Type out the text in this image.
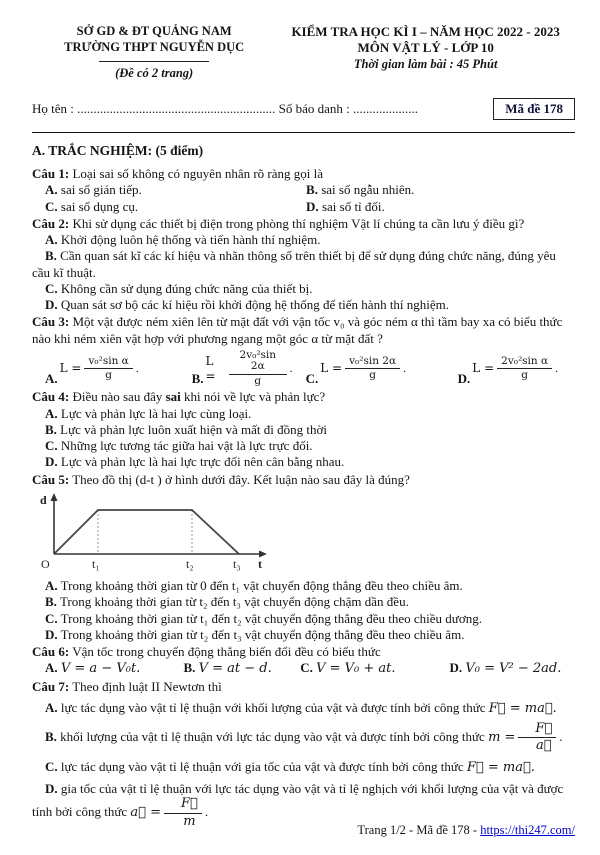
SỞ GD & ĐT QUẢNG NAM
TRƯỜNG THPT NGUYỄN DỤC
(Đề có 2 trang)
KIỂM TRA HỌC KÌ I – NĂM HỌC 2022 - 2023
MÔN VẬT LÝ - LỚP 10
Thời gian làm bài : 45 Phút
Họ tên : ............................................................. Số báo danh : ....................	Mã đề 178
A. TRẮC NGHIỆM: (5 điểm)
Câu 1: Loại sai số không có nguyên nhân rõ ràng gọi là
A. sai số gián tiếp.	B. sai số ngẫu nhiên.
C. sai số dụng cụ.	D. sai số tỉ đối.
Câu 2: Khi sử dụng các thiết bị điện trong phòng thí nghiệm Vật lí chúng ta cần lưu ý điều gì?
A. Khởi động luôn hệ thống và tiến hành thí nghiệm.
B. Cần quan sát kĩ các kí hiệu và nhãn thông số trên thiết bị để sử dụng đúng chức năng, đúng yêu cầu kĩ thuật.
C. Không cần sử dụng đúng chức năng của thiết bị.
D. Quan sát sơ bộ các kí hiệu rồi khởi động hệ thống để tiến hành thí nghiệm.
Câu 3: Một vật được ném xiên lên từ mặt đất với vận tốc v₀ và góc ném α thì tầm bay xa có biểu thức nào khi ném xiên vật hợp với phương ngang một góc α từ mặt đất ?
A.
$L = \frac{\text{v₀²sin α}}{g}$ .
B.
L =	$\frac{\text{2v₀²sin 2α}}{g}$ .
C.
$L = \frac{\text{v₀²sin 2α}}{g}$ .
D.
$L = \frac{\text{2v₀²sin α}}{g}$ .
Câu 4: Điều nào sau đây sai khi nói về lực và phản lực?
A. Lực và phản lực là hai lực cùng loại.
B. Lực và phản lực luôn xuất hiện và mất đi đồng thời
C. Những lực tương tác giữa hai vật là lực trực đối.
D. Lực và phản lực là hai lực trực đối nên cân bằng nhau.
Câu 5: Theo đồ thị (d-t ) ở hình dưới đây. Kết luận nào sau đây là đúng?
d
O	t₁	t₂	t₃ t
A. Trong khoảng thời gian từ 0 đến t₁ vật chuyển động thẳng đều theo chiều âm.
B. Trong khoảng thời gian từ t₂ đến t₃ vật chuyển động chậm dần đều.
C. Trong khoảng thời gian từ t₁ đến t₂ vật chuyển động thẳng đều theo chiều dương.
D. Trong khoảng thời gian từ t₂ đến t₃ vật chuyển động thẳng đều theo chiều âm.
Câu 6: Vận tốc trong chuyển động thẳng biến đổi đều có biểu thức
A. V = a − V₀t.	B. V = at − d.	C. V = V₀ + at.	D. V₀ = V² − 2ad.
Câu 7: Theo định luật II Newtơn thì
A. lực tác dụng vào vật tỉ lệ thuận với khối lượng của vật và được tính bởi công thức F⃗ = ma⃗.
B. khối lượng của vật tỉ lệ thuận với lực tác dụng vào vật và được tính bởi công thức $m = \frac{F⃗}{a⃗}$ .
C. lực tác dụng vào vật tỉ lệ thuận với gia tốc của vật và được tính bởi công thức F⃗ = ma⃗.
D. gia tốc của vật tỉ lệ thuận với lực tác dụng vào vật và tỉ lệ nghịch với khối lượng của vật và được tính bởi công thức a⃗ = $\frac{F⃗}{m}$ .
Trang 1/2 - Mã đề 178 - https://thi247.com/
